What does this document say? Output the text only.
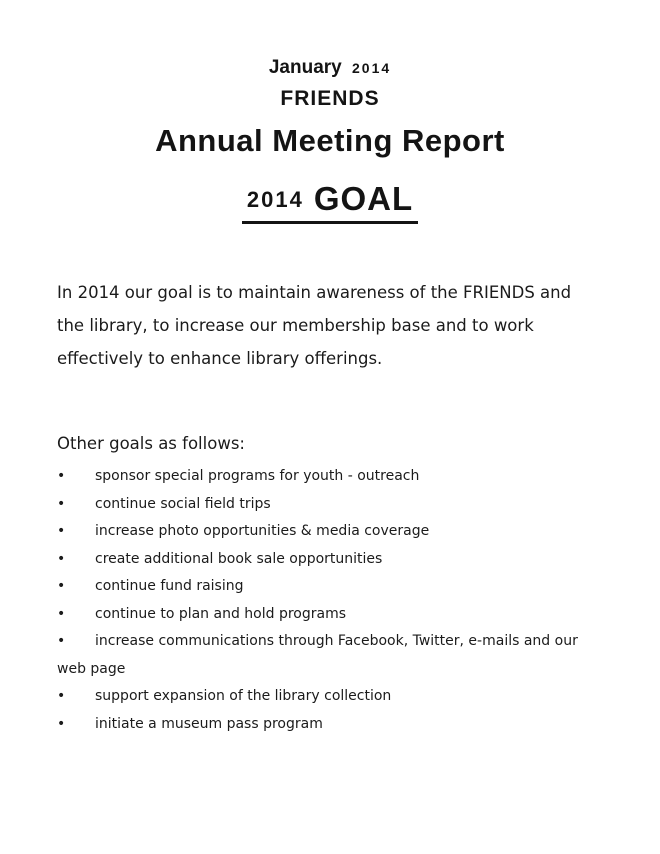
January 2014
FRIENDS
Annual Meeting Report
2014 GOAL

In 2014 our goal is to maintain awareness of the FRIENDS and the library, to increase our membership base and to work effectively to enhance library offerings.

Other goals as follows:

• sponsor special programs for youth - outreach
• continue social field trips
• increase photo opportunities & media coverage
• create additional book sale opportunities
• continue fund raising
• continue to plan and hold programs
• increase communications through Facebook, Twitter, e-mails and our web page
• support expansion of the library collection
• initiate a museum pass program
